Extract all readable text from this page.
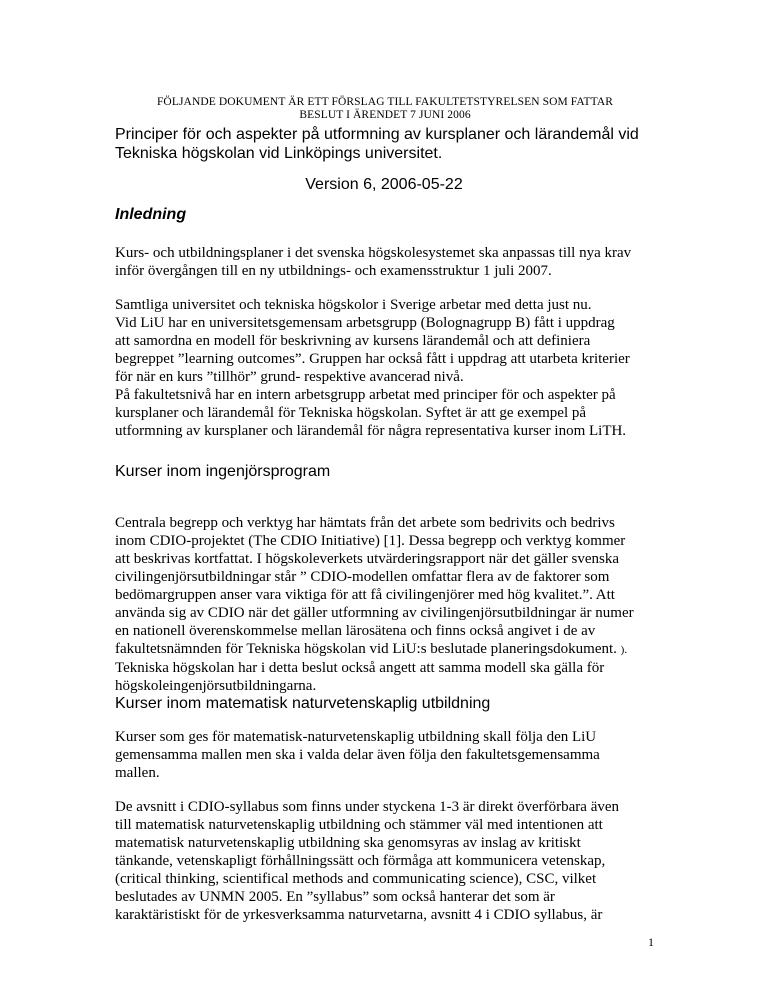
FÖLJANDE DOKUMENT ÄR ETT FÖRSLAG TILL FAKULTETSTYRELSEN SOM FATTAR
BESLUT I ÄRENDET 7 JUNI 2006
Principer för och aspekter på utformning av kursplaner och lärandemål vid
Tekniska högskolan vid Linköpings universitet.
Version 6, 2006-05-22
Inledning
Kurs- och utbildningsplaner i det svenska högskolesystemet ska anpassas till nya krav
inför övergången till en ny utbildnings- och examensstruktur 1 juli 2007.
Samtliga universitet och tekniska högskolor i Sverige arbetar med detta just nu.
Vid LiU har en universitetsgemensam arbetsgrupp (Bolognagrupp B) fått i uppdrag
att samordna en modell för beskrivning av kursens lärandemål och att definiera
begreppet ”learning outcomes”. Gruppen har också fått i uppdrag att utarbeta kriterier
för när en kurs ”tillhör” grund- respektive avancerad nivå.
På fakultetsnivå har en intern arbetsgrupp arbetat med principer för och aspekter på
kursplaner och lärandemål för Tekniska högskolan. Syftet är att ge exempel på
utformning av kursplaner och lärandemål för några representativa kurser inom LiTH.
Kurser inom ingenjörsprogram
Centrala begrepp och verktyg har hämtats från det arbete som bedrivits och bedrivs
inom CDIO-projektet (The CDIO Initiative) [1]. Dessa begrepp och verktyg kommer
att beskrivas kortfattat. I högskoleverkets utvärderingsrapport när det gäller svenska
civilingenjörsutbildningar står ” CDIO-modellen omfattar flera av de faktorer som
bedömargruppen anser vara viktiga för att få civilingenjörer med hög kvalitet.”. Att
använda sig av CDIO när det gäller utformning av civilingenjörsutbildningar är numer
en nationell överenskommelse mellan lärosätena och finns också angivet i de av
fakultetsnämnden för Tekniska högskolan vid LiU:s beslutade planeringsdokument. ).
Tekniska högskolan har i detta beslut också angett att samma modell ska gälla för
högskoleingenjörsutbildningarna.
Kurser inom matematisk naturvetenskaplig utbildning
Kurser som ges för matematisk-naturvetenskaplig utbildning skall följa den LiU
gemensamma mallen men ska i valda delar även följa den fakultetsgemensamma
mallen.
De avsnitt i CDIO-syllabus som finns under styckena 1-3 är direkt överförbara även
till matematisk naturvetenskaplig utbildning och stämmer väl med intentionen att
matematisk naturvetenskaplig utbildning ska genomsyras av inslag av kritiskt
tänkande, vetenskapligt förhållningssätt och förmåga att kommunicera vetenskap,
(critical thinking, scientifical methods and communicating science), CSC, vilket
beslutades av UNMN 2005. En ”syllabus” som också hanterar det som är
karaktäristiskt för de yrkesverksamma naturvetarna, avsnitt 4 i CDIO syllabus, är
1
